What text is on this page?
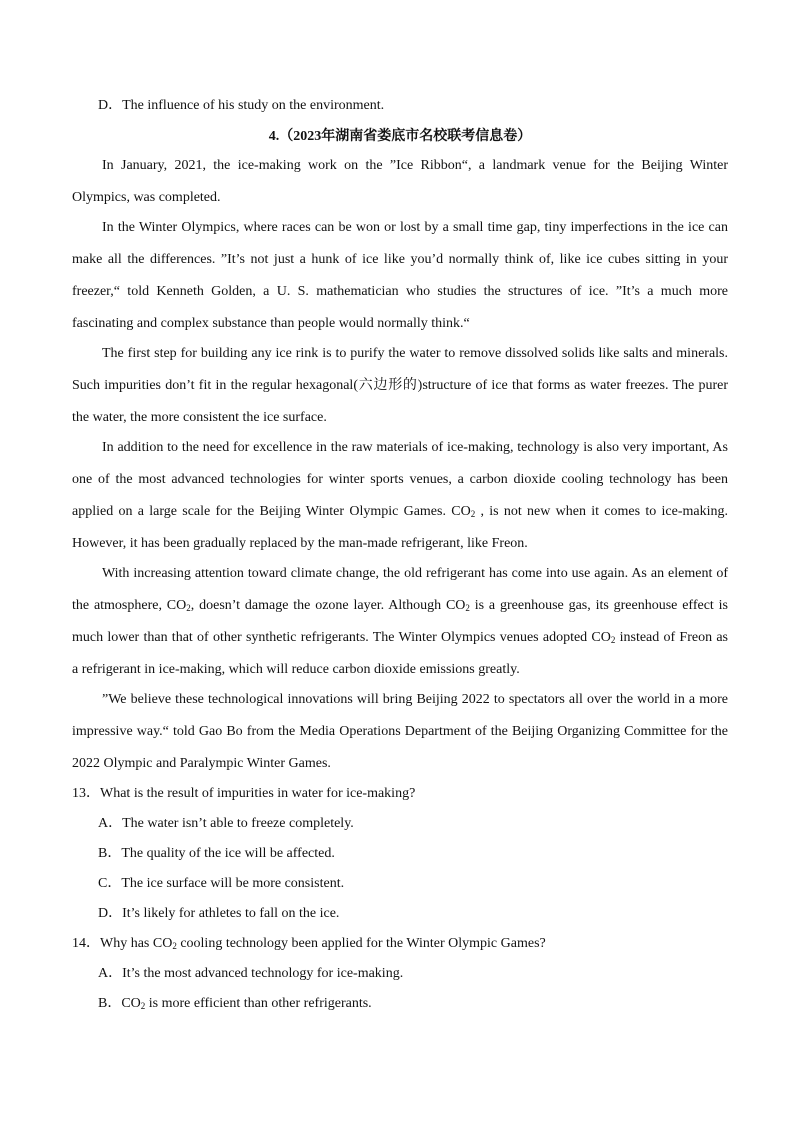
D．The influence of his study on the environment.
4.（2023年湖南省娄底市名校联考信息卷）
In January, 2021, the ice-making work on the ”Ice Ribbon“, a landmark venue for the Beijing Winter
Olympics, was completed.
In the Winter Olympics, where races can be won or lost by a small time gap, tiny imperfections in the ice can
make all the differences. ”It’s not just a hunk of ice like you’d normally think of, like ice cubes sitting in your
freezer,“ told Kenneth Golden, a U. S. mathematician who studies the structures of ice. ”It’s a much more
fascinating and complex substance than people would normally think.“
The first step for building any ice rink is to purify the water to remove dissolved solids like salts and minerals.
Such impurities don’t fit in the regular hexagonal(六边形的)structure of ice that forms as water freezes. The purer
the water, the more consistent the ice surface.
In addition to the need for excellence in the raw materials of ice-making, technology is also very important, As
one of the most advanced technologies for winter sports venues, a carbon dioxide cooling technology has been
applied on a large scale for the Beijing Winter Olympic Games. $CO_2$ , is not new when it comes to ice-making.
However, it has been gradually replaced by the man-made refrigerant, like Freon.
With increasing attention toward climate change, the old refrigerant has come into use again. As an element of
the atmosphere, $CO_2$, doesn’t damage the ozone layer. Although $CO_2$ is a greenhouse gas, its greenhouse effect is
much lower than that of other synthetic refrigerants. The Winter Olympics venues adopted $CO_2$ instead of Freon as
a refrigerant in ice-making, which will reduce carbon dioxide emissions greatly.
”We believe these technological innovations will bring Beijing 2022 to spectators all over the world in a more
impressive way.“ told Gao Bo from the Media Operations Department of the Beijing Organizing Committee for the
2022 Olympic and Paralympic Winter Games.
13．What is the result of impurities in water for ice-making?
A．The water isn’t able to freeze completely.
B．The quality of the ice will be affected.
C．The ice surface will be more consistent.
D．It’s likely for athletes to fall on the ice.
14．Why has $CO_2$ cooling technology been applied for the Winter Olympic Games?
A．It’s the most advanced technology for ice-making.
B．$CO_2$ is more efficient than other refrigerants.
